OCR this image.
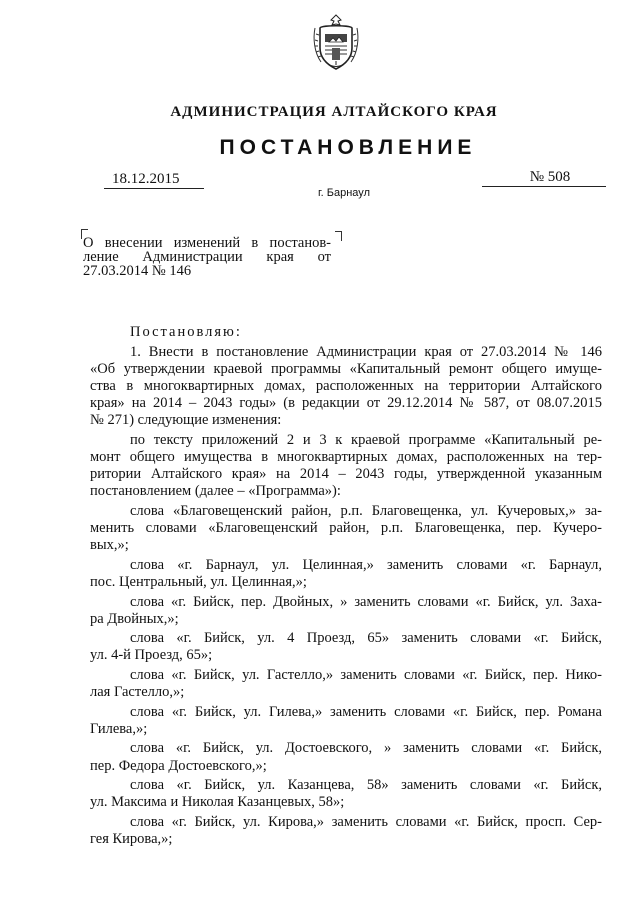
АДМИНИСТРАЦИЯ АЛТАЙСКОГО КРАЯ
ПОСТАНОВЛЕНИЕ
18.12.2015	№ 508
г. Барнаул
О внесении изменений в постанов-
ление Администрации края от
27.03.2014 № 146
Постановляю:
1. Внести в постановление Администрации края от 27.03.2014 № 146
«Об утверждении краевой программы «Капитальный ремонт общего имуще-
ства в многоквартирных домах, расположенных на территории Алтайского
края» на 2014 – 2043 годы» (в редакции от 29.12.2014 № 587, от 08.07.2015
№ 271) следующие изменения:
по тексту приложений 2 и 3 к краевой программе «Капитальный ре-
монт общего имущества в многоквартирных домах, расположенных на тер-
ритории Алтайского края» на 2014 – 2043 годы, утвержденной указанным
постановлением (далее – «Программа»):
слова «Благовещенский район, р.п. Благовещенка, ул. Кучеровых,» за-
менить словами «Благовещенский район, р.п. Благовещенка, пер. Кучеро-
вых,»;
слова «г. Барнаул, ул. Целинная,» заменить словами «г. Барнаул,
пос. Центральный, ул. Целинная,»;
слова «г. Бийск, пер. Двойных, » заменить словами «г. Бийск, ул. Заха-
ра Двойных,»;
слова «г. Бийск, ул. 4 Проезд, 65» заменить словами «г. Бийск,
ул. 4-й Проезд, 65»;
слова «г. Бийск, ул. Гастелло,» заменить словами «г. Бийск, пер. Нико-
лая Гастелло,»;
слова «г. Бийск, ул. Гилева,» заменить словами «г. Бийск, пер. Романа
Гилева,»;
слова «г. Бийск, ул. Достоевского, » заменить словами «г. Бийск,
пер. Федора Достоевского,»;
слова «г. Бийск, ул. Казанцева, 58» заменить словами «г. Бийск,
ул. Максима и Николая Казанцевых, 58»;
слова «г. Бийск, ул. Кирова,» заменить словами «г. Бийск, просп. Сер-
гея Кирова,»;
